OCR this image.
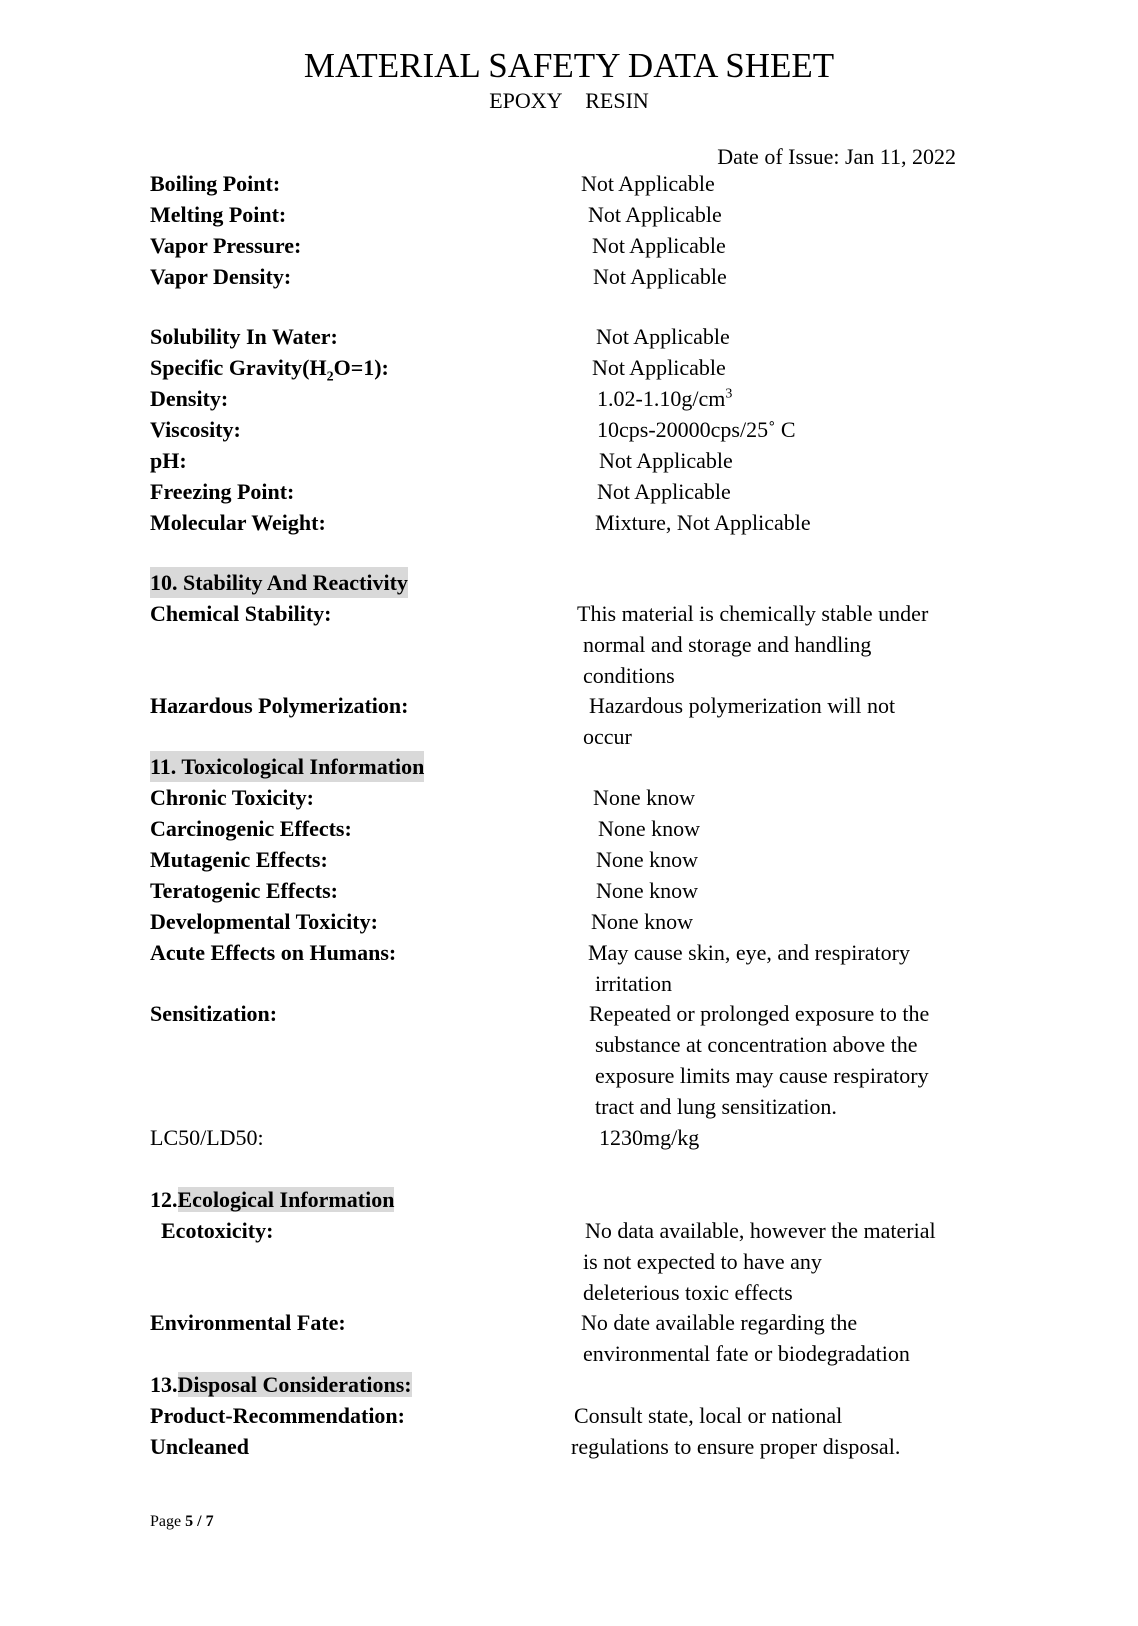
MATERIAL SAFETY DATA SHEET
EPOXY RESIN
Date of Issue: Jan 11, 2022
Boiling Point:	Not Applicable
Melting Point:	Not Applicable
Vapor Pressure:	Not Applicable
Vapor Density:	Not Applicable
Solubility In Water:	Not Applicable
Specific $Gravity(H_2O=1)$:	Not Applicable
Density:	$1.02-1.10g/cm^3$
Viscosity:	10cps-20000cps/25˚ C
pH:	Not Applicable
Freezing Point:	Not Applicable
Molecular Weight:	Mixture, Not Applicable
10. Stability And Reactivity
Chemical Stability:	This material is chemically stable under
normal and storage and handling
conditions
Hazardous Polymerization:	Hazardous polymerization will not
occur
11. Toxicological Information
Chronic Toxicity:	None know
Carcinogenic Effects:	None know
Mutagenic Effects:	None know
Teratogenic Effects:	None know
Developmental Toxicity:	None know
Acute Effects on Humans:	May cause skin, eye, and respiratory
irritation
Sensitization:	Repeated or prolonged exposure to the
substance at concentration above the
exposure limits may cause respiratory
tract and lung sensitization.
LC50/LD50:	1230mg/kg
12.Ecological Information
Ecotoxicity:	No data available, however the material
is not expected to have any
deleterious toxic effects
Environmental Fate:	No date available regarding the
environmental fate or biodegradation
13.Disposal Considerations:
Product-Recommendation:	Consult state, local or national
Uncleaned	regulations to ensure proper disposal.
Page 5 / 7
